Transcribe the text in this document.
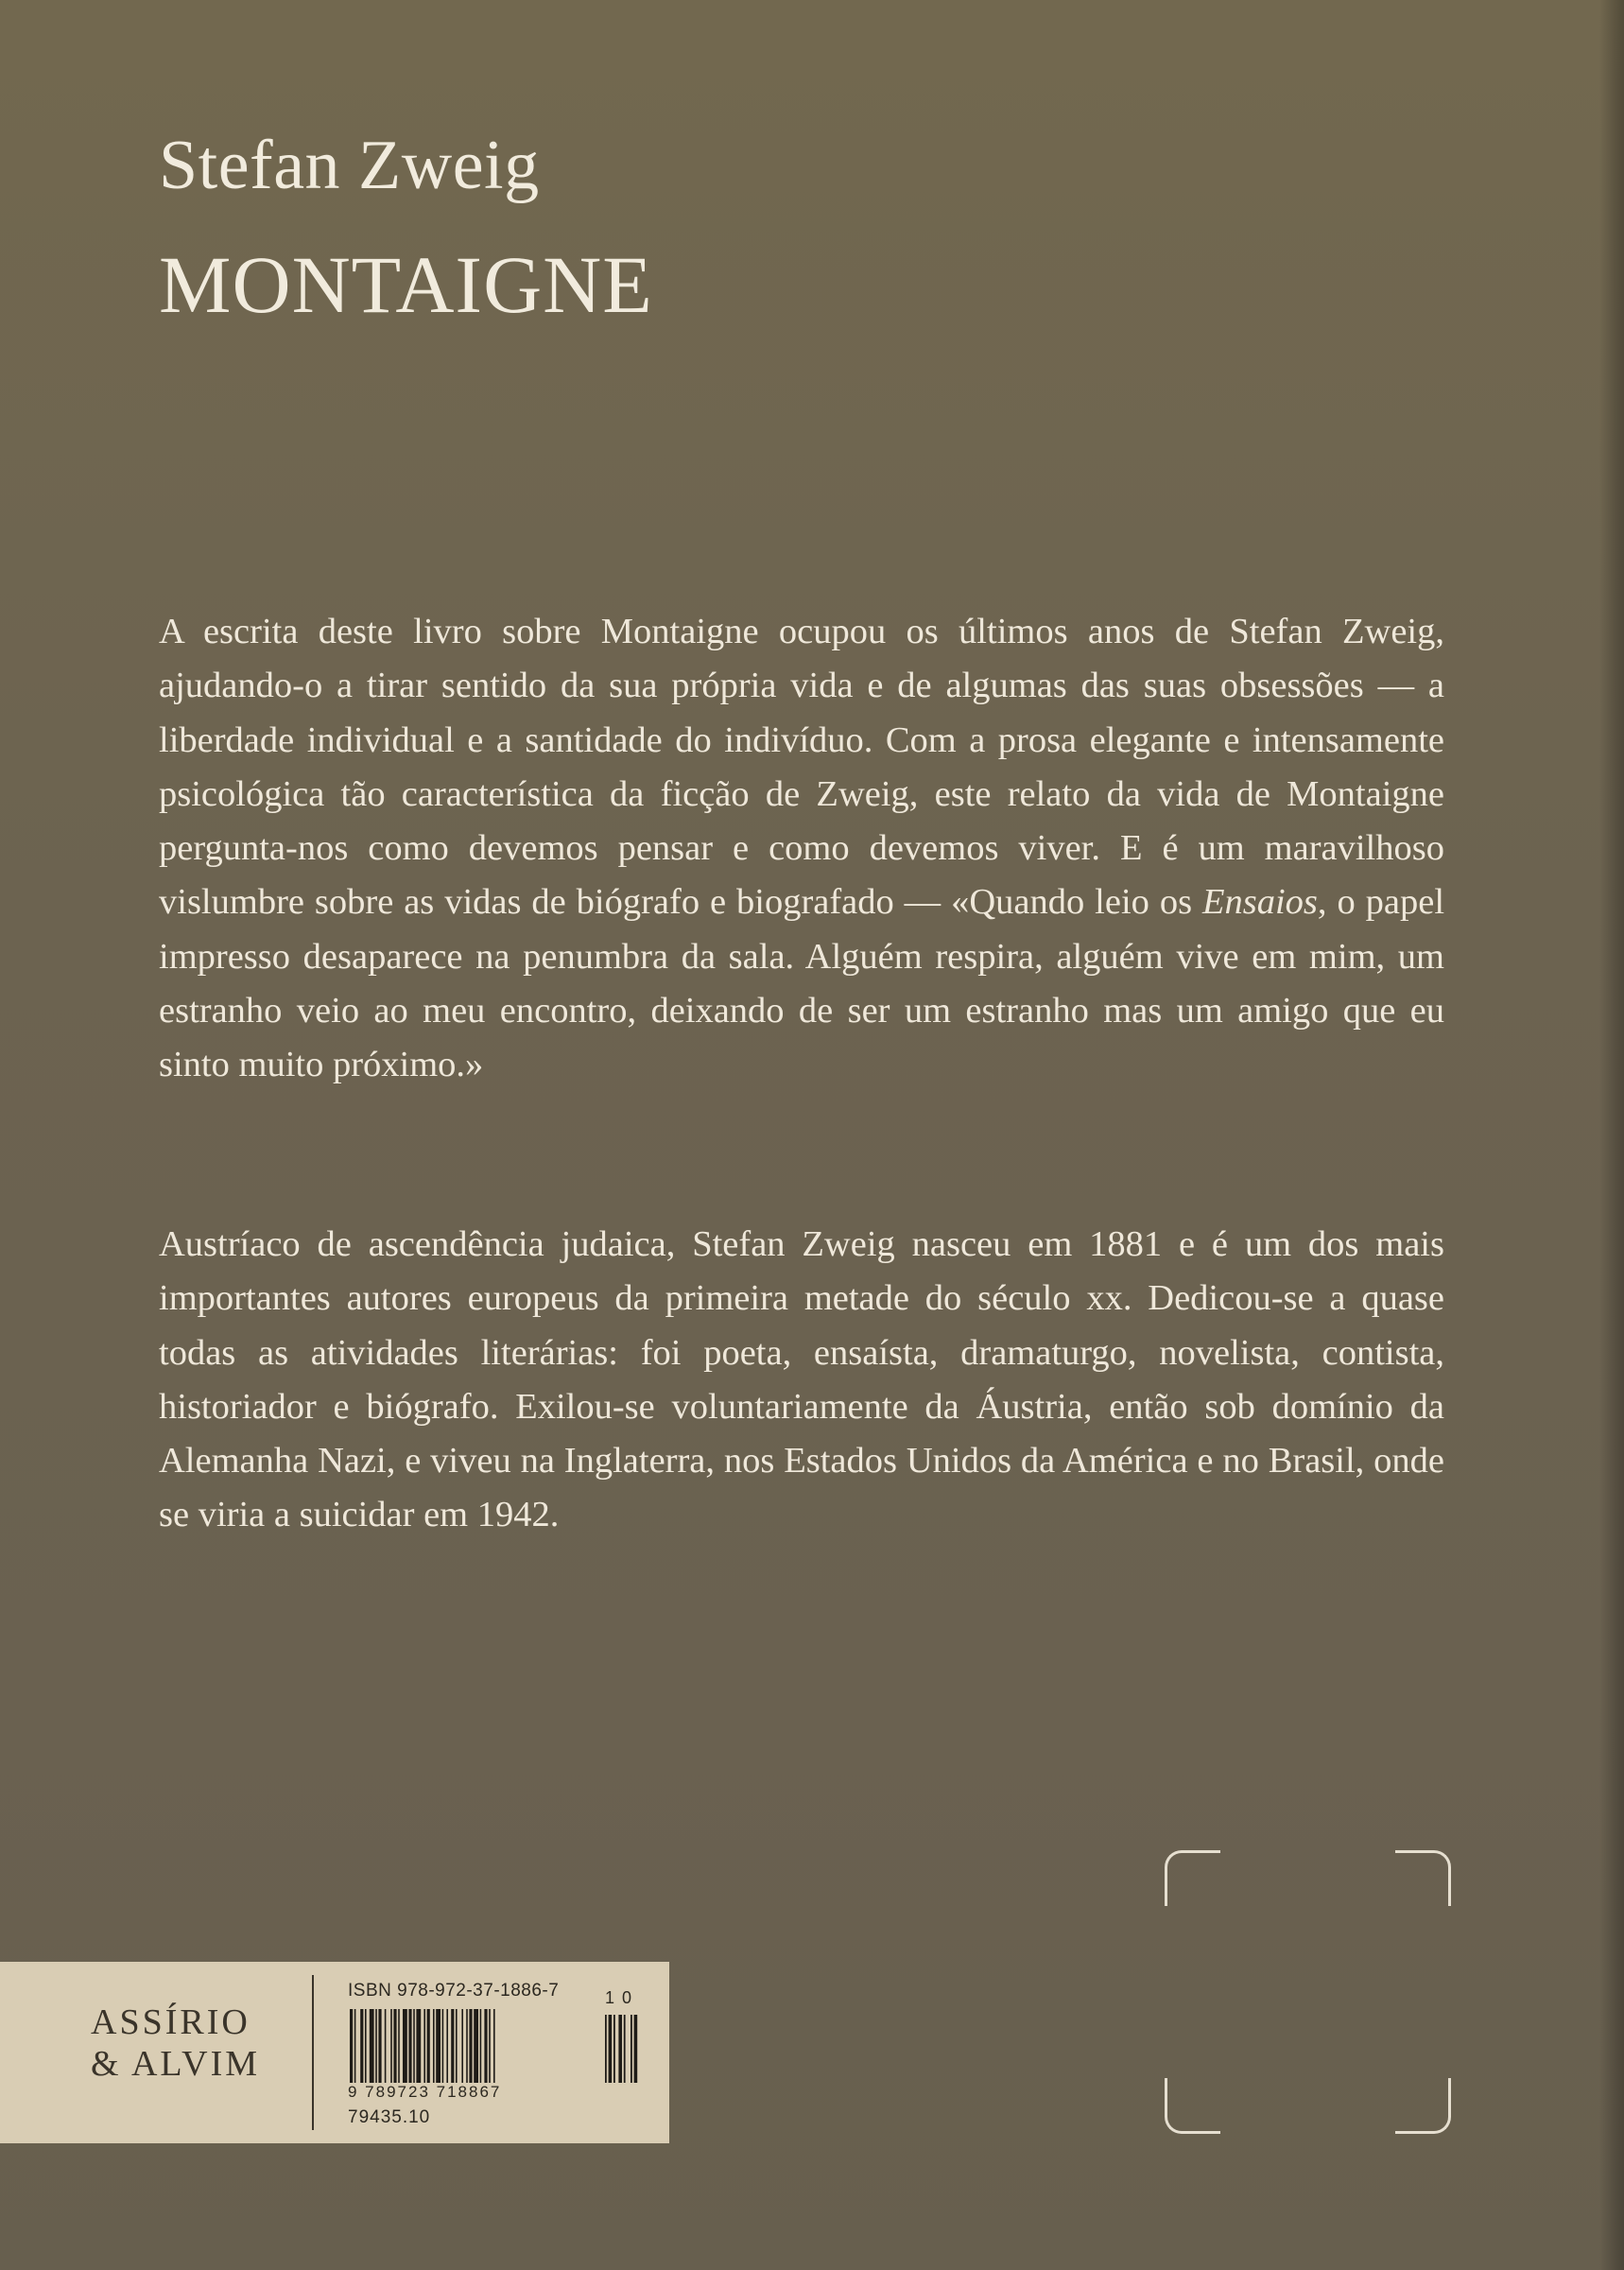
Stefan Zweig
MONTAIGNE

A escrita deste livro sobre Montaigne ocupou os últimos anos de Stefan Zweig, ajudando-o a tirar sentido da sua própria vida e de algumas das suas obsessões — a liberdade individual e a santidade do indivíduo. Com a prosa elegante e intensamente psicológica tão característica da ficção de Zweig, este relato da vida de Montaigne pergunta-nos como devemos pensar e como devemos viver. E é um maravilhoso vislumbre sobre as vidas de biógrafo e biografado — «Quando leio os Ensaios, o papel impresso desaparece na penumbra da sala. Alguém respira, alguém vive em mim, um estranho veio ao meu encontro, deixando de ser um estranho mas um amigo que eu sinto muito próximo.»

Austríaco de ascendência judaica, Stefan Zweig nasceu em 1881 e é um dos mais importantes autores europeus da primeira metade do século xx. Dedicou-se a quase todas as atividades literárias: foi poeta, ensaísta, dramaturgo, novelista, contista, historiador e biógrafo. Exilou-se voluntariamente da Áustria, então sob domínio da Alemanha Nazi, e viveu na Inglaterra, nos Estados Unidos da América e no Brasil, onde se viria a suicidar em 1942.

ASSÍRIO
& ALVIM
ISBN 978-972-37-1886-7	10
9 789723 718867
79435.10
